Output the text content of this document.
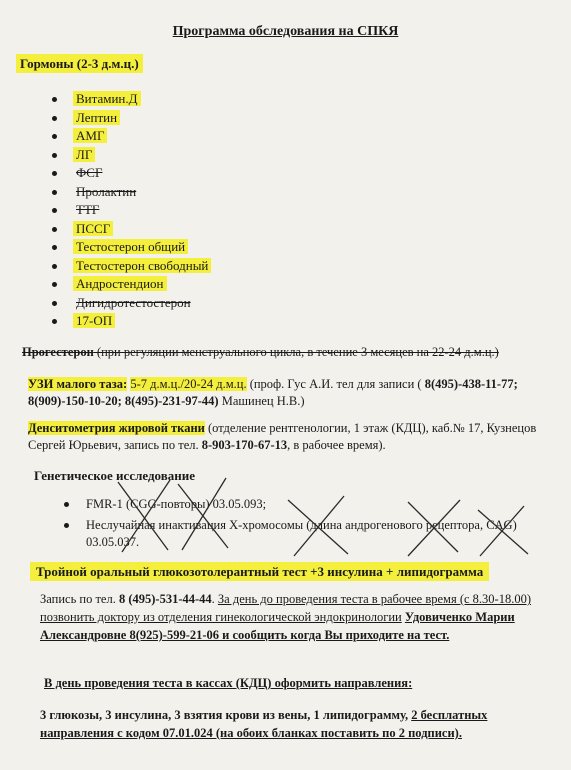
Программа обследования на СПКЯ
Гормоны (2-3 д.м.ц.)
Витамин.Д
Лептин
АМГ
ЛГ
ФСГ
Пролактин
ТТГ
ПССГ
Тестостерон общий
Тестостерон свободный
Андростендион
Дигидротестостерон
17-ОП
Прогестерон (при регуляции менструального цикла, в течение 3 месяцев на 22-24 д.м.ц.)
УЗИ малого таза: 5-7 д.м.ц./20-24 д.м.ц. (проф. Гус А.И. тел для записи ( 8(495)-438-11-77; 8(909)-150-10-20; 8(495)-231-97-44) Машинец Н.В.)
Денситометрия жировой ткани (отделение рентгенологии, 1 этаж (КДЦ), каб.№ 17, Кузнецов Сергей Юрьевич, запись по тел. 8-903-170-67-13, в рабочее время).
Генетическое исследование
FMR-1 (CGG-повторы) 03.05.093;
Неслучайная инактивация Х-хромосомы (длина андрогенового рецептора, CAG) 03.05.037.
Тройной оральный глюкозотолерантный тест +3 инсулина + липидограмма
Запись по тел. 8 (495)-531-44-44. За день до проведения теста в рабочее время (с 8.30-18.00) позвонить доктору из отделения гинекологической эндокринологии Удовиченко Марии Александровне 8(925)-599-21-06 и сообщить когда Вы приходите на тест.
В день проведения теста в кассах (КДЦ) оформить направления:
3 глюкозы, 3 инсулина, 3 взятия крови из вены, 1 липидограмму, 2 бесплатных направления с кодом 07.01.024 (на обоих бланках поставить по 2 подписи).
